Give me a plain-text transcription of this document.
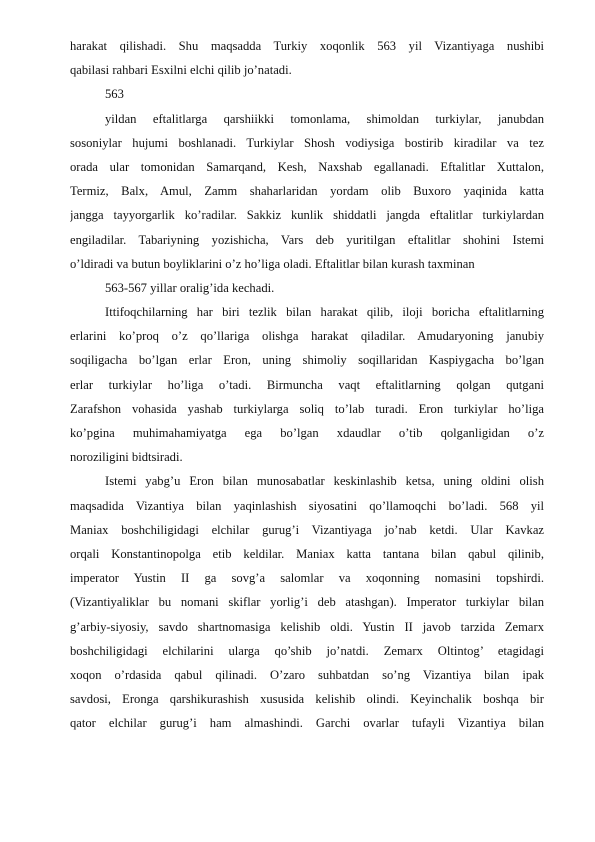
harakat qilishadi. Shu maqsadda Turkiy xoqonlik 563 yil Vizantiyaga nushibi
qabilasi rahbari Esxilni elchi qilib jo’natadi.
563
yildan eftalitlarga qarshiikki tomonlama, shimoldan turkiylar, janubdan
sosoniylar hujumi boshlanadi. Turkiylar Shosh vodiysiga bostirib kiradilar va tez
orada ular tomonidan Samarqand, Kesh, Naxshab egallanadi. Eftalitlar Xuttalon,
Termiz, Balx, Amul, Zamm shaharlaridan yordam olib Buxoro yaqinida katta
jangga tayyorgarlik ko’radilar. Sakkiz kunlik shiddatli jangda eftalitlar turkiylardan
engiladilar. Tabariyning yozishicha, Vars deb yuritilgan eftalitlar shohini Istemi
o’ldiradi va butun boyliklarini o’z ho’liga oladi. Eftalitlar bilan kurash taxminan
563-567 yillar oralig’ida kechadi.
Ittifoqchilarning har biri tezlik bilan harakat qilib, iloji boricha eftalitlarning
erlarini ko’proq o’z qo’llariga olishga harakat qiladilar. Amudaryoning janubiy
soqiligacha bo’lgan erlar Eron, uning shimoliy soqillaridan Kaspiygacha bo’lgan
erlar turkiylar ho’liga o’tadi. Birmuncha vaqt eftalitlarning qolgan qutgani
Zarafshon vohasida yashab turkiylarga soliq to’lab turadi. Eron turkiylar ho’liga
ko’pgina muhimahamiyatga ega bo’lgan xdaudlar o’tib qolganligidan o’z
noroziligini bidtsiradi.
Istemi yabg’u Eron bilan munosabatlar keskinlashib ketsa, uning oldini olish
maqsadida Vizantiya bilan yaqinlashish siyosatini qo’llamoqchi bo’ladi. 568 yil
Maniax boshchiligidagi elchilar gurug’i Vizantiyaga jo’nab ketdi. Ular Kavkaz
orqali Konstantinopolga etib keldilar. Maniax katta tantana bilan qabul qilinib,
imperator Yustin II ga sovg’a salomlar va xoqonning nomasini topshirdi.
(Vizantiyaliklar bu nomani skiflar yorlig’i deb atashgan). Imperator turkiylar bilan
g’arbiy-siyosiy, savdo shartnomasiga kelishib oldi. Yustin II javob tarzida Zemarx
boshchiligidagi elchilarini ularga qo’shib jo’natdi. Zemarx Oltintog’ etagidagi
xoqon o’rdasida qabul qilinadi. O’zaro suhbatdan so’ng Vizantiya bilan ipak
savdosi, Eronga qarshikurashish xususida kelishib olindi. Keyinchalik boshqa bir
qator elchilar gurug’i ham almashindi. Garchi ovarlar tufayli Vizantiya bilan
